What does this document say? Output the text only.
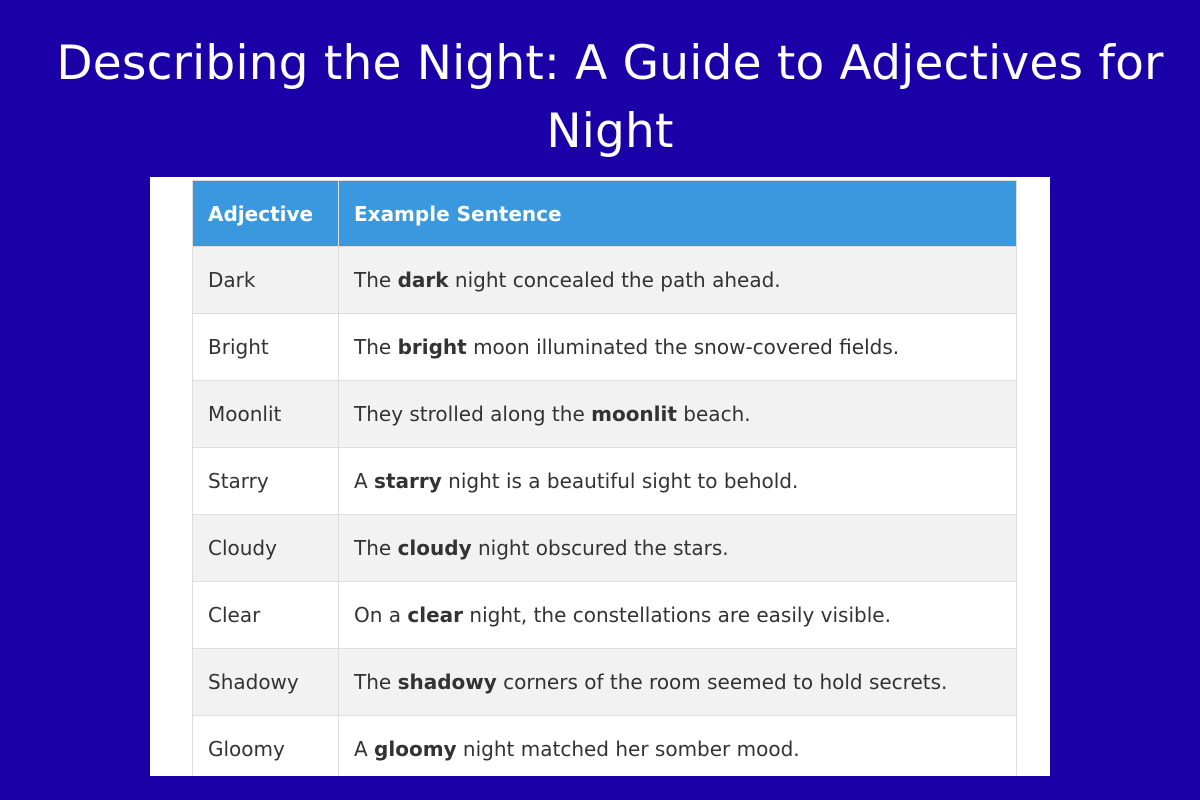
Describing the Night: A Guide to Adjectives for Night
Adjective	Example Sentence
Dark	The dark night concealed the path ahead.
Bright	The bright moon illuminated the snow-covered fields.
Moonlit	They strolled along the moonlit beach.
Starry	A starry night is a beautiful sight to behold.
Cloudy	The cloudy night obscured the stars.
Clear	On a clear night, the constellations are easily visible.
Shadowy	The shadowy corners of the room seemed to hold secrets.
Gloomy	A gloomy night matched her somber mood.
